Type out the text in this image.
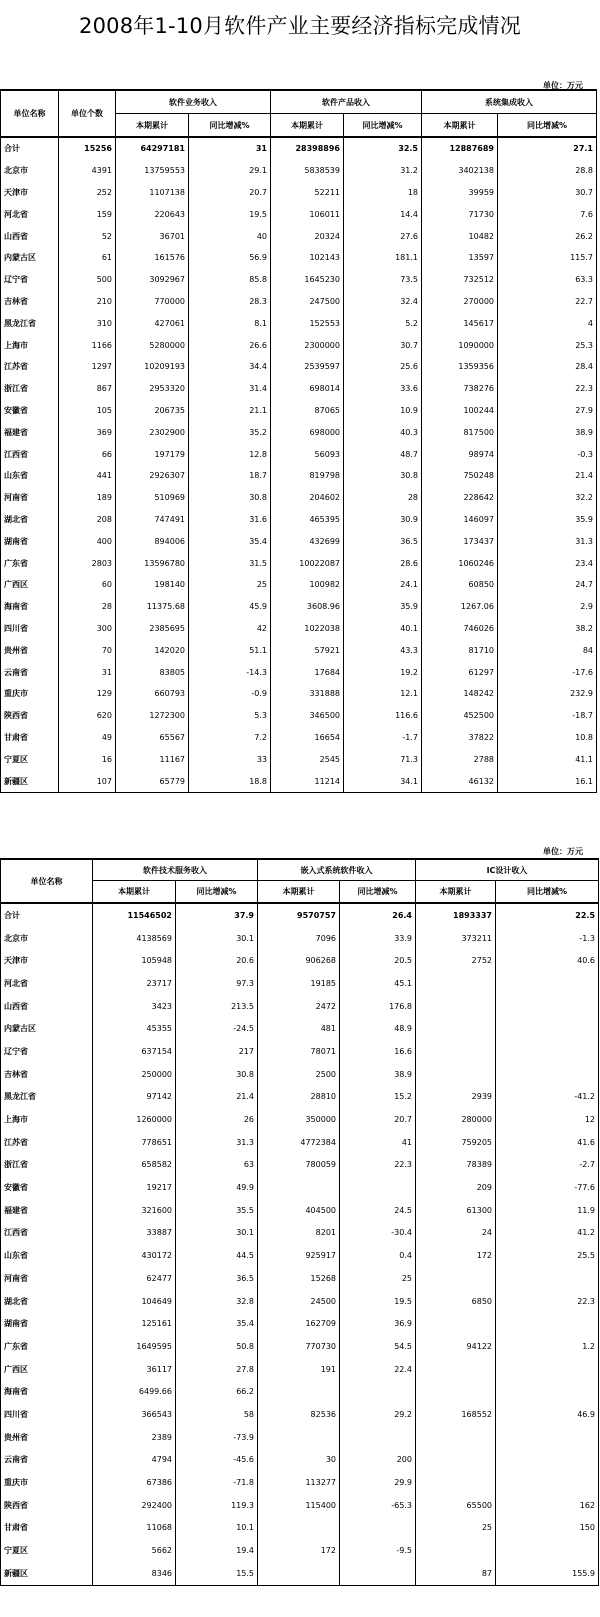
2008年1-10月软件产业主要经济指标完成情况
单位：万元
单位名称	单位个数	软件业务收入		软件产品收入		系统集成收入	
		本期累计	同比增减%	本期累计	同比增减%	本期累计	同比增减%
合计	15256	64297181	31	28398896	32.5	12887689	27.1
北京市	4391	13759553	29.1	5838539	31.2	3402138	28.8
天津市	252	1107138	20.7	52211	18	39959	30.7
河北省	159	220643	19.5	106011	14.4	71730	7.6
山西省	52	36701	40	20324	27.6	10482	26.2
内蒙古区	61	161576	56.9	102143	181.1	13597	115.7
辽宁省	500	3092967	85.8	1645230	73.5	732512	63.3
吉林省	210	770000	28.3	247500	32.4	270000	22.7
黑龙江省	310	427061	8.1	152553	5.2	145617	4
上海市	1166	5280000	26.6	2300000	30.7	1090000	25.3
江苏省	1297	10209193	34.4	2539597	25.6	1359356	28.4
浙江省	867	2953320	31.4	698014	33.6	738276	22.3
安徽省	105	206735	21.1	87065	10.9	100244	27.9
福建省	369	2302900	35.2	698000	40.3	817500	38.9
江西省	66	197179	12.8	56093	48.7	98974	-0.3
山东省	441	2926307	18.7	819798	30.8	750248	21.4
河南省	189	510969	30.8	204602	28	228642	32.2
湖北省	208	747491	31.6	465395	30.9	146097	35.9
湖南省	400	894006	35.4	432699	36.5	173437	31.3
广东省	2803	13596780	31.5	10022087	28.6	1060246	23.4
广西区	60	198140	25	100982	24.1	60850	24.7
海南省	28	11375.68	45.9	3608.96	35.9	1267.06	2.9
四川省	300	2385695	42	1022038	40.1	746026	38.2
贵州省	70	142020	51.1	57921	43.3	81710	84
云南省	31	83805	-14.3	17684	19.2	61297	-17.6
重庆市	129	660793	-0.9	331888	12.1	148242	232.9
陕西省	620	1272300	5.3	346500	116.6	452500	-18.7
甘肃省	49	65567	7.2	16654	-1.7	37822	10.8
宁夏区	16	11167	33	2545	71.3	2788	41.1
新疆区	107	65779	18.8	11214	34.1	46132	16.1
单位：万元
单位名称	软件技术服务收入		嵌入式系统软件收入		IC设计收入	
	本期累计	同比增减%	本期累计	同比增减%	本期累计	同比增减%
合计	11546502	37.9	9570757	26.4	1893337	22.5
北京市	4138569	30.1	7096	33.9	373211	-1.3
天津市	105948	20.6	906268	20.5	2752	40.6
河北省	23717	97.3	19185	45.1		
山西省	3423	213.5	2472	176.8		
内蒙古区	45355	-24.5	481	48.9		
辽宁省	637154	217	78071	16.6		
吉林省	250000	30.8	2500	38.9		
黑龙江省	97142	21.4	28810	15.2	2939	-41.2
上海市	1260000	26	350000	20.7	280000	12
江苏省	778651	31.3	4772384	41	759205	41.6
浙江省	658582	63	780059	22.3	78389	-2.7
安徽省	19217	49.9			209	-77.6
福建省	321600	35.5	404500	24.5	61300	11.9
江西省	33887	30.1	8201	-30.4	24	41.2
山东省	430172	44.5	925917	0.4	172	25.5
河南省	62477	36.5	15268	25		
湖北省	104649	32.8	24500	19.5	6850	22.3
湖南省	125161	35.4	162709	36.9		
广东省	1649595	50.8	770730	54.5	94122	1.2
广西区	36117	27.8	191	22.4		
海南省	6499.66	66.2				
四川省	366543	58	82536	29.2	168552	46.9
贵州省	2389	-73.9				
云南省	4794	-45.6	30	200		
重庆市	67386	-71.8	113277	29.9		
陕西省	292400	119.3	115400	-65.3	65500	162
甘肃省	11068	10.1			25	150
宁夏区	5662	19.4	172	-9.5		
新疆区	8346	15.5			87	155.9
